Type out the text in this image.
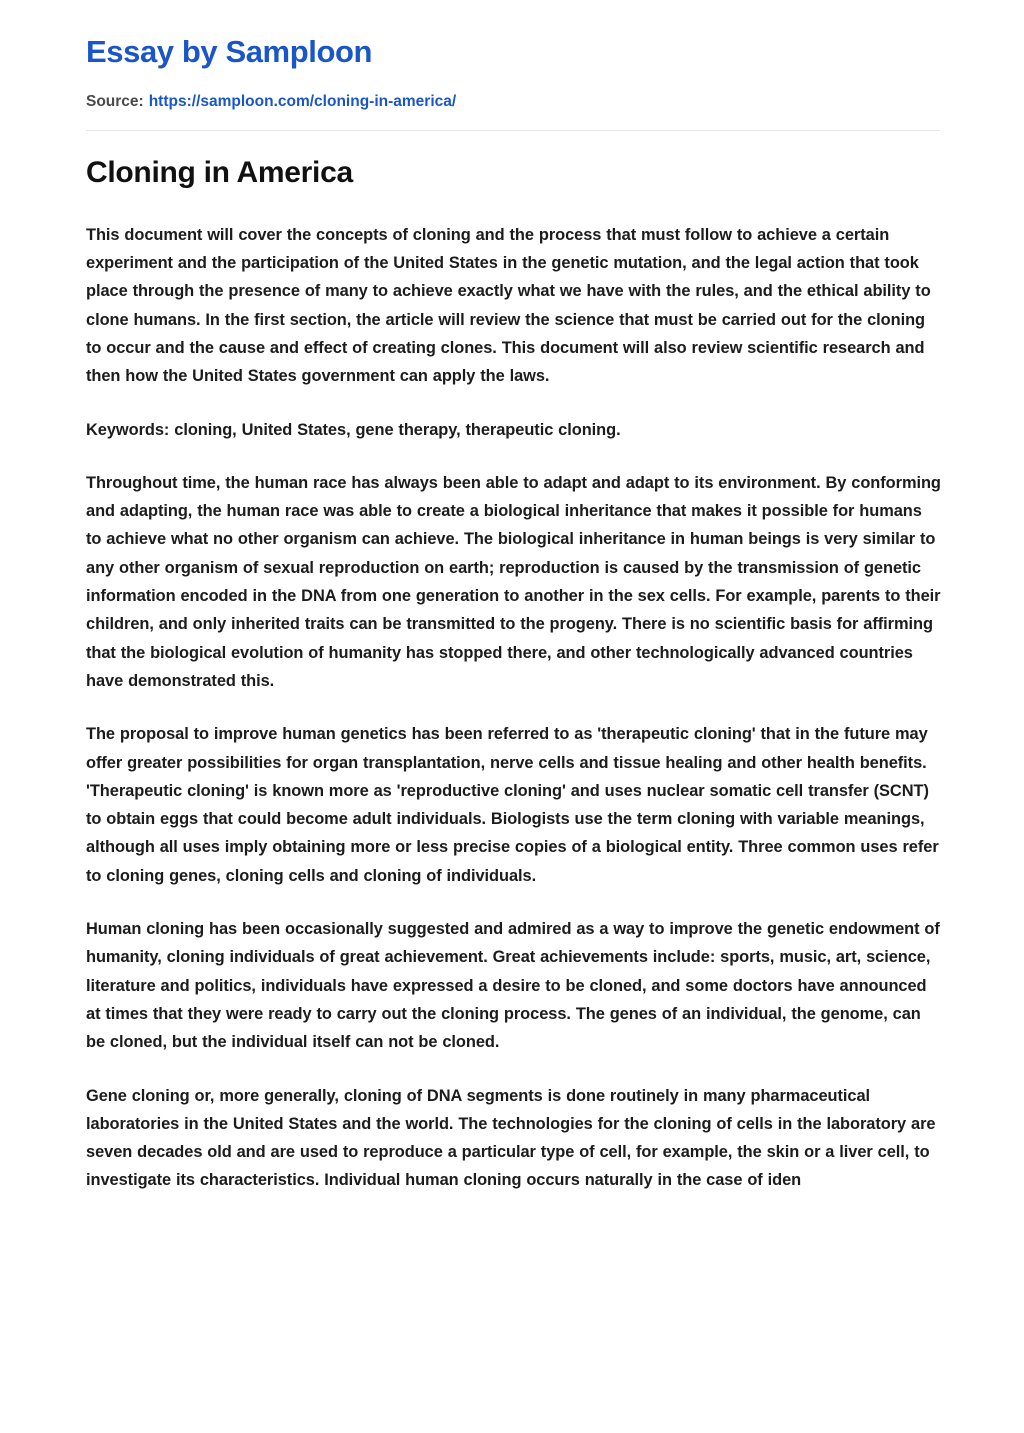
Essay by Samploon
Source: https://samploon.com/cloning-in-america/
Cloning in America

This document will cover the concepts of cloning and the process that must follow to achieve a certain experiment and the participation of the United States in the genetic mutation, and the legal action that took place through the presence of many to achieve exactly what we have with the rules, and the ethical ability to clone humans. In the first section, the article will review the science that must be carried out for the cloning to occur and the cause and effect of creating clones. This document will also review scientific research and then how the United States government can apply the laws.

Keywords: cloning, United States, gene therapy, therapeutic cloning.

Throughout time, the human race has always been able to adapt and adapt to its environment. By conforming and adapting, the human race was able to create a biological inheritance that makes it possible for humans to achieve what no other organism can achieve. The biological inheritance in human beings is very similar to any other organism of sexual reproduction on earth; reproduction is caused by the transmission of genetic information encoded in the DNA from one generation to another in the sex cells. For example, parents to their children, and only inherited traits can be transmitted to the progeny. There is no scientific basis for affirming that the biological evolution of humanity has stopped there, and other technologically advanced countries have demonstrated this.

The proposal to improve human genetics has been referred to as 'therapeutic cloning' that in the future may offer greater possibilities for organ transplantation, nerve cells and tissue healing and other health benefits. 'Therapeutic cloning' is known more as 'reproductive cloning' and uses nuclear somatic cell transfer (SCNT) to obtain eggs that could become adult individuals. Biologists use the term cloning with variable meanings, although all uses imply obtaining more or less precise copies of a biological entity. Three common uses refer to cloning genes, cloning cells and cloning of individuals.

Human cloning has been occasionally suggested and admired as a way to improve the genetic endowment of humanity, cloning individuals of great achievement. Great achievements include: sports, music, art, science, literature and politics, individuals have expressed a desire to be cloned, and some doctors have announced at times that they were ready to carry out the cloning process. The genes of an individual, the genome, can be cloned, but the individual itself can not be cloned.

Gene cloning or, more generally, cloning of DNA segments is done routinely in many pharmaceutical laboratories in the United States and the world. The technologies for the cloning of cells in the laboratory are seven decades old and are used to reproduce a particular type of cell, for example, the skin or a liver cell, to investigate its characteristics. Individual human cloning occurs naturally in the case of iden
